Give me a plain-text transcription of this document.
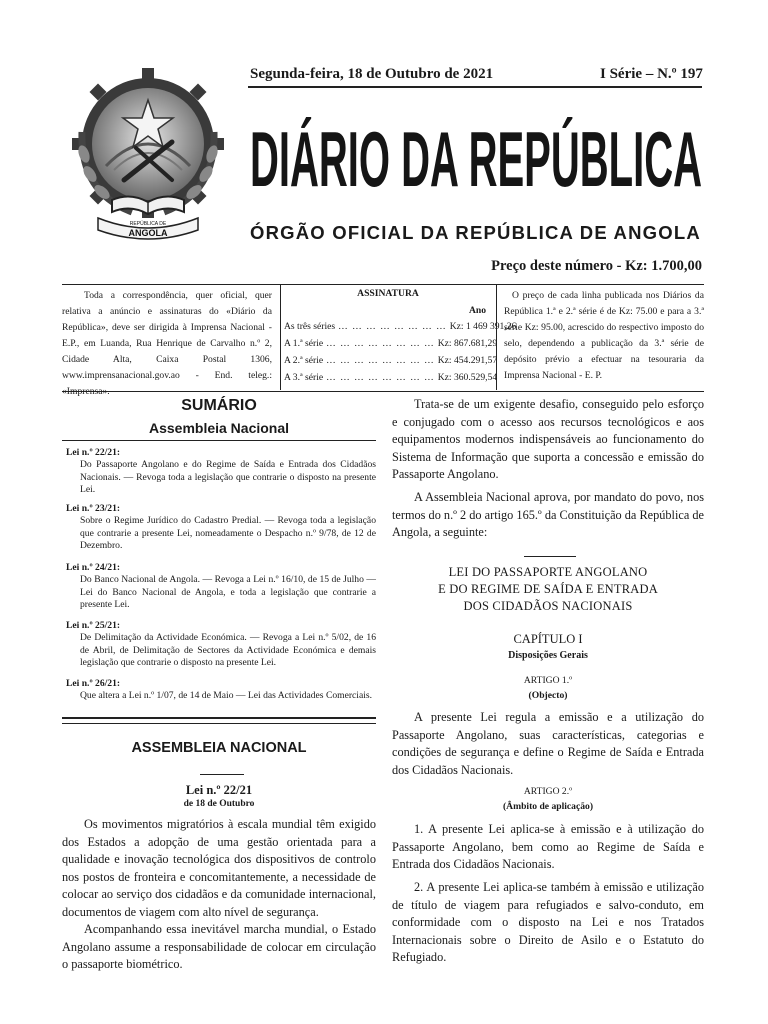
REPÚBLICA DE
ANGOLA
Segunda-feira, 18 de Outubro de 2021	I Série – N.º 197
DIÁRIO DA REPÚBLICA
ÓRGÃO OFICIAL DA REPÚBLICA DE ANGOLA
Preço deste número - Kz: 1.700,00
Toda a correspondência, quer oficial, quer relativa a anúncio e assinaturas do «Diário da República», deve ser dirigida à Imprensa Nacional - E.P., em Luanda, Rua Henrique de Carvalho n.º 2, Cidade Alta, Caixa Postal 1306, www.imprensanacional.gov.ao - End. teleg.: «Imprensa».
ASSINATURA
Ano
As três séries … … … … … … … … Kz: 1 469 391,26
A 1.ª série … … … … … … … … Kz: 867.681,29
A 2.ª série … … … … … … … … Kz: 454.291,57
A 3.ª série … … … … … … … … Kz: 360.529,54
O preço de cada linha publicada nos Diários da República 1.ª e 2.ª série é de Kz: 75.00 e para a 3.ª série Kz: 95.00, acrescido do respectivo imposto do selo, dependendo a publicação da 3.ª série de depósito prévio a efectuar na tesouraria da Imprensa Nacional - E. P.
SUMÁRIO
Assembleia Nacional
Lei n.º 22/21:
Do Passaporte Angolano e do Regime de Saída e Entrada dos Cidadãos Nacionais. — Revoga toda a legislação que contrarie o disposto na presente Lei.
Lei n.º 23/21:
Sobre o Regime Jurídico do Cadastro Predial. — Revoga toda a legislação que contrarie a presente Lei, nomeadamente o Despacho n.º 9/78, de 12 de Dezembro.
Lei n.º 24/21:
Do Banco Nacional de Angola. — Revoga a Lei n.º 16/10, de 15 de Julho — Lei do Banco Nacional de Angola, e toda a legislação que contrarie a presente Lei.
Lei n.º 25/21:
De Delimitação da Actividade Económica. — Revoga a Lei n.º 5/02, de 16 de Abril, de Delimitação de Sectores da Actividade Económica e demais legislação que contrarie o disposto na presente Lei.
Lei n.º 26/21:
Que altera a Lei n.º 1/07, de 14 de Maio — Lei das Actividades Comerciais.
ASSEMBLEIA NACIONAL
Lei n.º 22/21
de 18 de Outubro
Os movimentos migratórios à escala mundial têm exigido dos Estados a adopção de uma gestão orientada para a qualidade e inovação tecnológica dos dispositivos de controlo nos postos de fronteira e concomitantemente, a necessidade de colocar ao serviço dos cidadãos e da comunidade internacional, documentos de viagem com alto nível de segurança.
Acompanhando essa inevitável marcha mundial, o Estado Angolano assume a responsabilidade de colocar em circulação o passaporte biométrico.
Trata-se de um exigente desafio, conseguido pelo esforço e conjugado com o acesso aos recursos tecnológicos e aos equipamentos modernos indispensáveis ao funcionamento do Sistema de Informação que suporta a concessão e emissão do Passaporte Angolano.
A Assembleia Nacional aprova, por mandato do povo, nos termos do n.º 2 do artigo 165.º da Constituição da República de Angola, a seguinte:
LEI DO PASSAPORTE ANGOLANO
E DO REGIME DE SAÍDA E ENTRADA
DOS CIDADÃOS NACIONAIS
CAPÍTULO I
Disposições Gerais
ARTIGO 1.º
(Objecto)
A presente Lei regula a emissão e a utilização do Passaporte Angolano, suas características, categorias e condições de segurança e define o Regime de Saída e Entrada dos Cidadãos Nacionais.
ARTIGO 2.º
(Âmbito de aplicação)
1. A presente Lei aplica-se à emissão e à utilização do Passaporte Angolano, bem como ao Regime de Saída e Entrada dos Cidadãos Nacionais.
2. A presente Lei aplica-se também à emissão e utilização de título de viagem para refugiados e salvo-conduto, em conformidade com o disposto na Lei e nos Tratados Internacionais sobre o Direito de Asilo e o Estatuto do Refugiado.
